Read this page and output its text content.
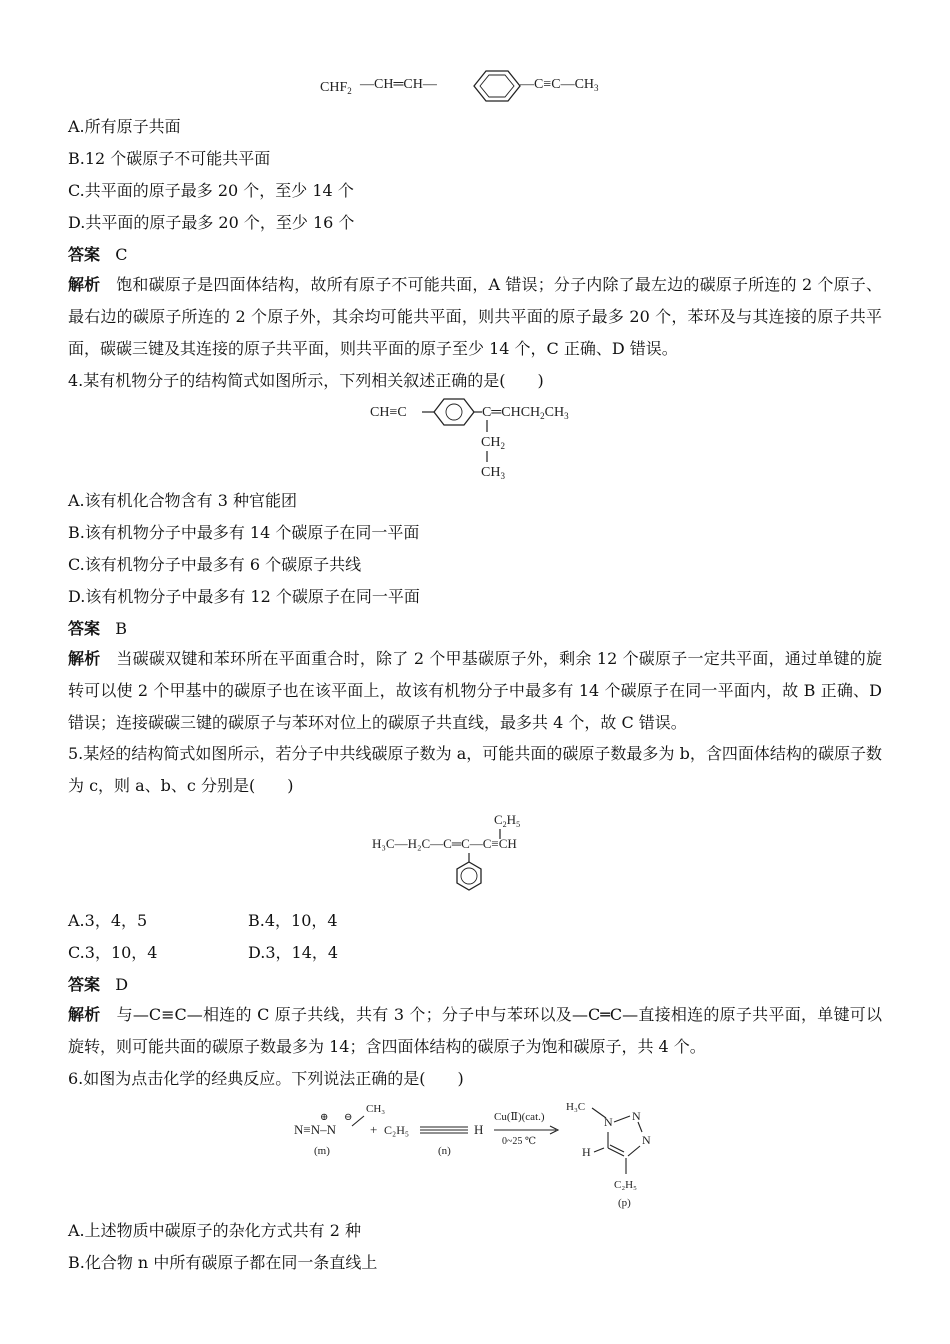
$CHF_2$ —CH═CH—	$—C\equiv C—CH_3$
A.所有原子共面
B.12 个碳原子不可能共平面
C.共平面的原子最多 20 个，至少 14 个
D.共平面的原子最多 20 个，至少 16 个
答案 C
解析 饱和碳原子是四面体结构，故所有原子不可能共面，A 错误；分子内除了最左边的碳原子所连的 2 个原子、最右边的碳原子所连的 2 个原子外，其余均可能共平面，则共平面的原子最多 20 个，苯环及与其连接的原子共平面，碳碳三键及其连接的原子共平面，则共平面的原子至少 14 个，C 正确、D 错误。
4.某有机物分子的结构简式如图所示，下列相关叙述正确的是(　　)
CH≡C	$C═CHCH_2CH_3$
$CH_2$
$CH_3$
A.该有机化合物含有 3 种官能团
B.该有机物分子中最多有 14 个碳原子在同一平面
C.该有机物分子中最多有 6 个碳原子共线
D.该有机物分子中最多有 12 个碳原子在同一平面
答案 B
解析 当碳碳双键和苯环所在平面重合时，除了 2 个甲基碳原子外，剩余 12 个碳原子一定共平面，通过单键的旋转可以使 2 个甲基中的碳原子也在该平面上，故该有机物分子中最多有 14 个碳原子在同一平面内，故 B 正确、D 错误；连接碳碳三键的碳原子与苯环对位上的碳原子共直线，最多共 4 个，故 C 错误。
5.某烃的结构简式如图所示，若分子中共线碳原子数为 a，可能共面的碳原子数最多为 b，含四面体结构的碳原子数为 c，则 a、b、c 分别是(　　)
$C_2H_5$
H₃C—H₂C—C═C—C≡CH
A.3，4，5	B.4，10，4
C.3，10，4	D.3，14，4
答案 D
解析 与—C≡C—相连的 C 原子共线，共有 3 个；分子中与苯环以及—C═C—直接相连的原子共平面，单键可以旋转，则可能共面的碳原子数最多为 14；含四面体结构的碳原子为饱和碳原子，共 4 个。
6.如图为点击化学的经典反应。下列说法正确的是(　　)
N≡N–N
⊕ ⊖
CH₃
(m)
+ C₂H₅	H
(n)
Cu(Ⅱ)(cat.)
0~25 ℃
H₃C
N N
N
H
C₂H₅
(p)
A.上述物质中碳原子的杂化方式共有 2 种
B.化合物 n 中所有碳原子都在同一条直线上
